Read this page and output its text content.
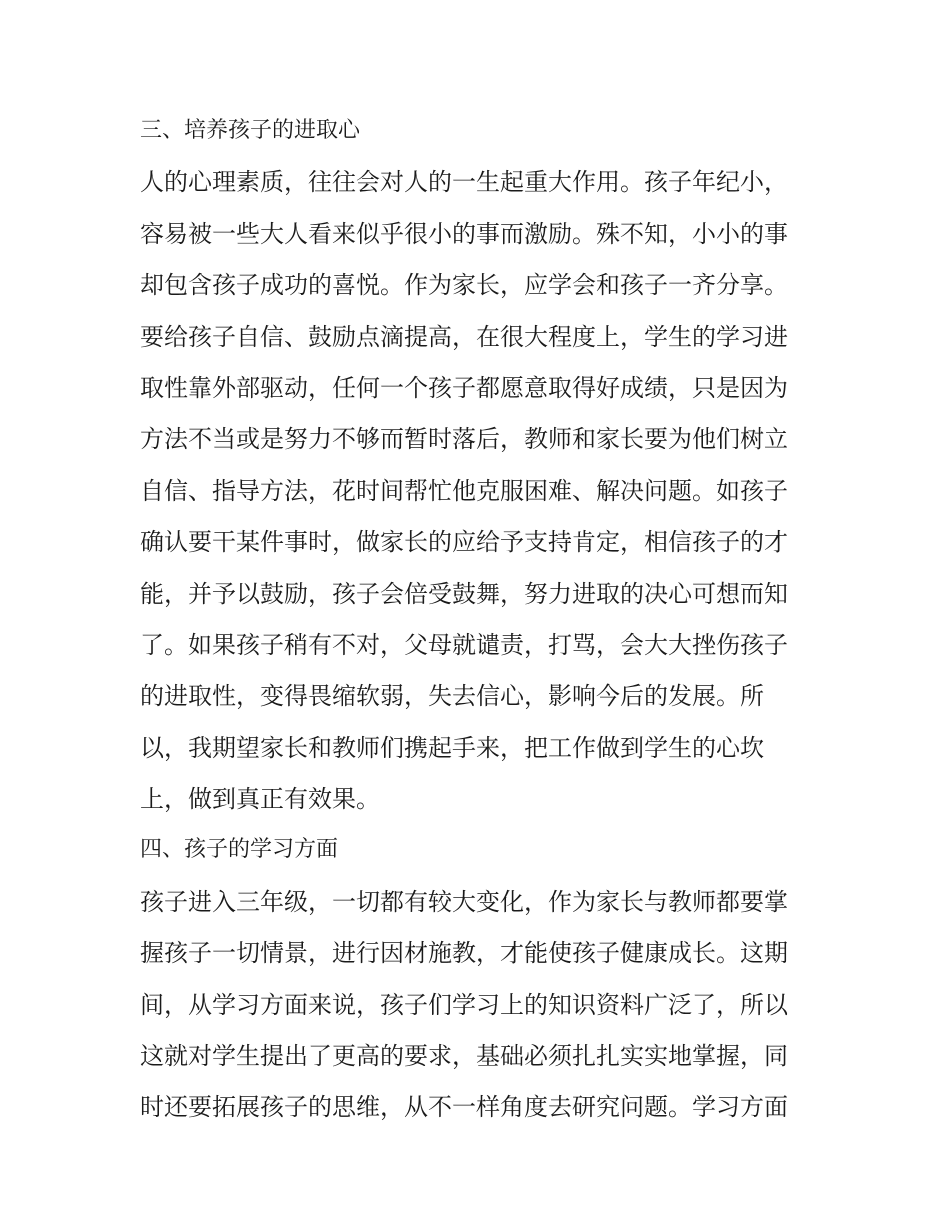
三、培养孩子的进取心
人的心理素质，往往会对人的一生起重大作用。孩子年纪小，
容易被一些大人看来似乎很小的事而激励。殊不知，小小的事
却包含孩子成功的喜悦。作为家长，应学会和孩子一齐分享。
要给孩子自信、鼓励点滴提高，在很大程度上，学生的学习进
取性靠外部驱动，任何一个孩子都愿意取得好成绩，只是因为
方法不当或是努力不够而暂时落后，教师和家长要为他们树立
自信、指导方法，花时间帮忙他克服困难、解决问题。如孩子
确认要干某件事时，做家长的应给予支持肯定，相信孩子的才
能，并予以鼓励，孩子会倍受鼓舞，努力进取的决心可想而知
了。如果孩子稍有不对，父母就谴责，打骂，会大大挫伤孩子
的进取性，变得畏缩软弱，失去信心，影响今后的发展。所
以，我期望家长和教师们携起手来，把工作做到学生的心坎
上，做到真正有效果。
四、孩子的学习方面
孩子进入三年级，一切都有较大变化，作为家长与教师都要掌
握孩子一切情景，进行因材施教，才能使孩子健康成长。这期
间，从学习方面来说，孩子们学习上的知识资料广泛了，所以
这就对学生提出了更高的要求，基础必须扎扎实实地掌握，同
时还要拓展孩子的思维，从不一样角度去研究问题。学习方面
